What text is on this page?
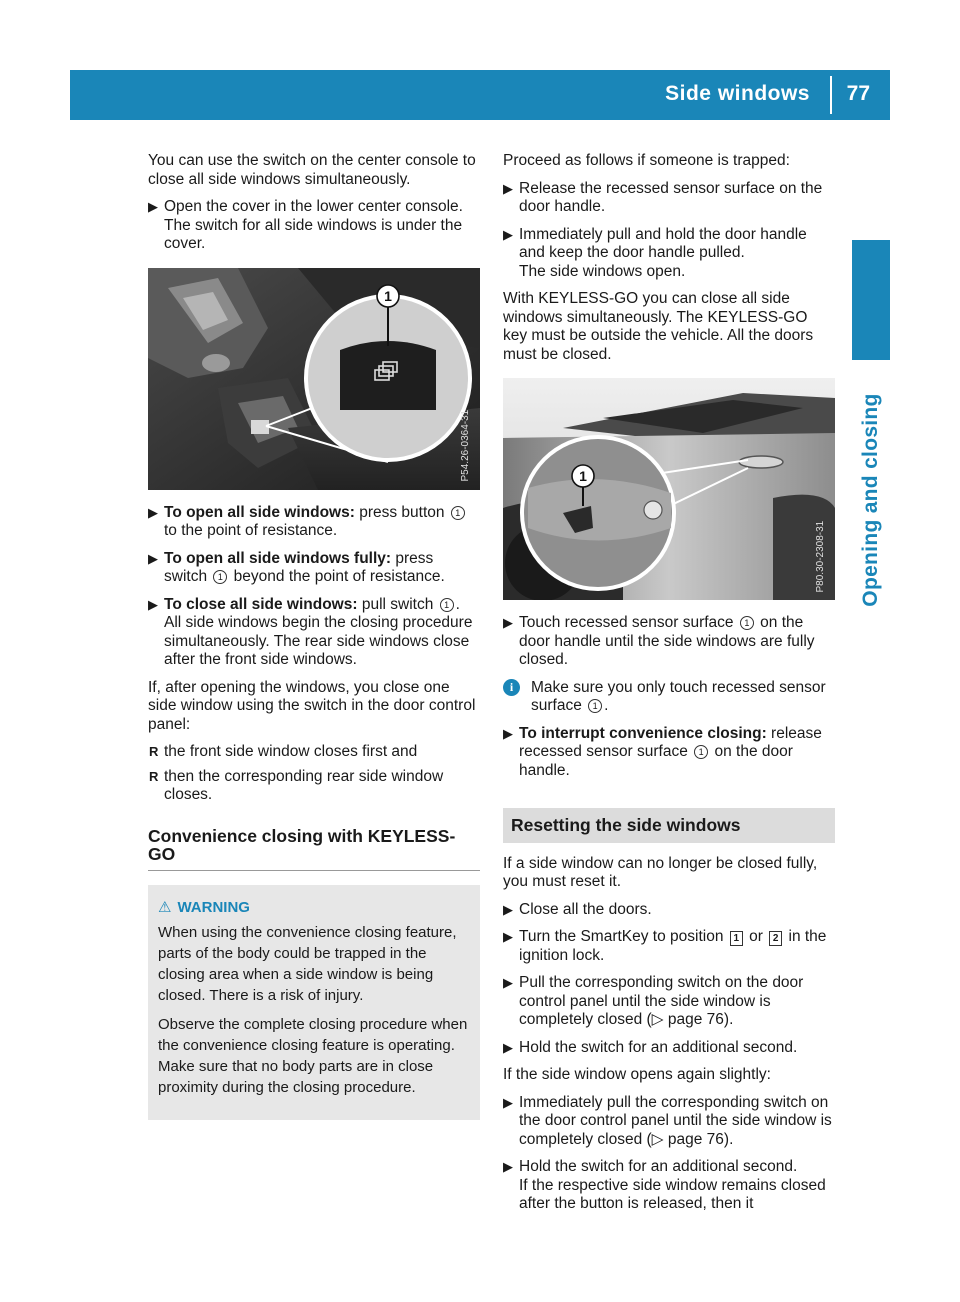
Side windows 77
Opening and closing

You can use the switch on the center console to close all side windows simultaneously.

▶ Open the cover in the lower center console. The switch for all side windows is under the cover.
1
P54.26-0364-31
▶ To open all side windows: press button 1 to the point of resistance.
▶ To open all side windows fully: press switch 1 beyond the point of resistance.
▶ To close all side windows: pull switch 1 . All side windows begin the closing procedure simultaneously. The rear side windows close after the front side windows.

If, after opening the windows, you close one side window using the switch in the door control panel:

R the front side window closes first and
R then the corresponding rear side window closes.
Convenience closing with KEYLESS-GO
⚠ WARNING

When using the convenience closing feature, parts of the body could be trapped in the closing area when a side window is being closed. There is a risk of injury.

Observe the complete closing procedure when the convenience closing feature is operating. Make sure that no body parts are in close proximity during the closing procedure.

Proceed as follows if someone is trapped:

▶ Release the recessed sensor surface on the door handle.
▶ Immediately pull and hold the door handle and keep the door handle pulled.
The side windows open.

With KEYLESS-GO you can close all side windows simultaneously. The KEYLESS-GO key must be outside the vehicle. All the doors must be closed.

1
P80.30-2308-31
▶ Touch recessed sensor surface 1 on the door handle until the side windows are fully closed.
i	Make sure you only touch recessed sensor surface 1 .
▶ To interrupt convenience closing: release recessed sensor surface 1 on the door handle.
Resetting the side windows

If a side window can no longer be closed fully, you must reset it.

▶ Close all the doors.
▶ Turn the SmartKey to position 1 or 2 in the ignition lock.
▶ Pull the corresponding switch on the door control panel until the side window is completely closed (▷ page 76).
▶ Hold the switch for an additional second.

If the side window opens again slightly:

▶ Immediately pull the corresponding switch on the door control panel until the side window is completely closed (▷ page 76).
▶ Hold the switch for an additional second.
If the respective side window remains closed after the button is released, then it
